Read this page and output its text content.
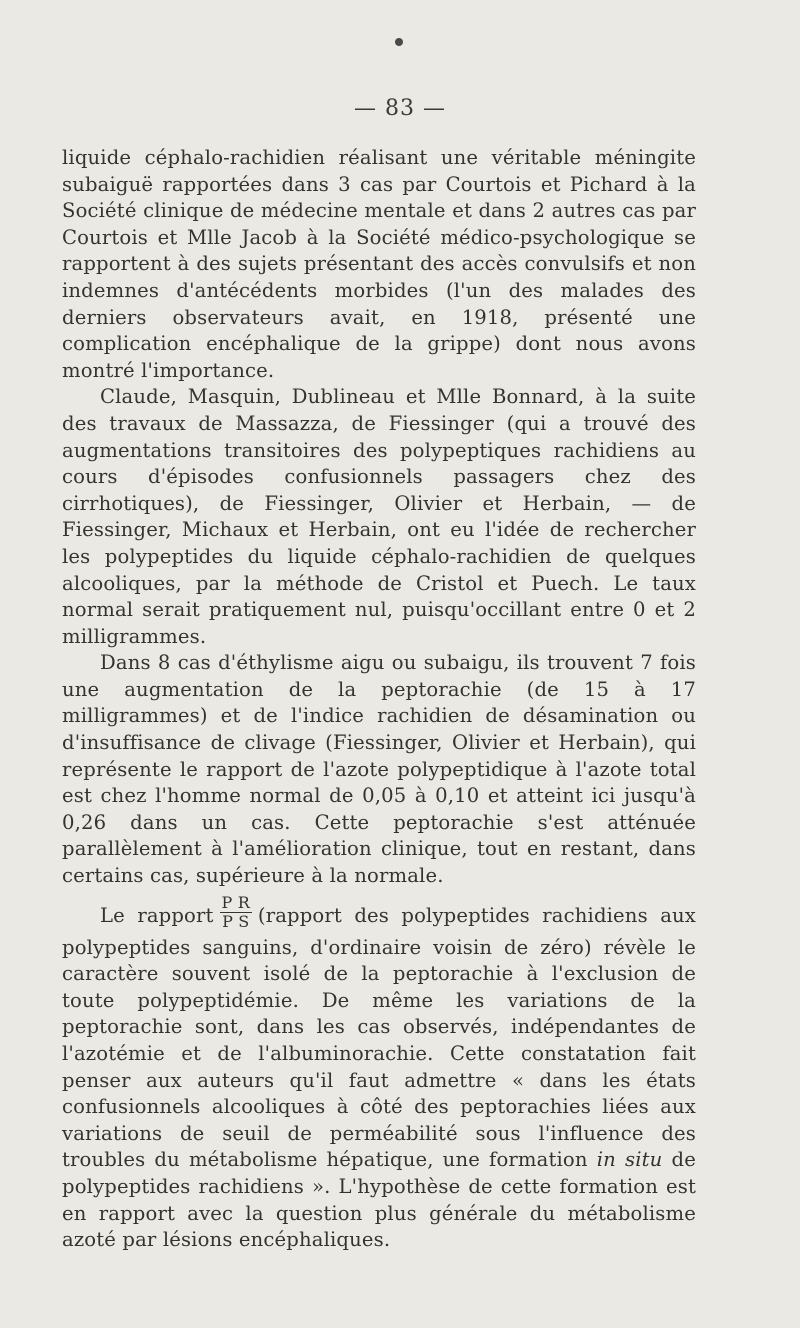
— 83 —

liquide céphalo-rachidien réalisant une véritable méningite subaiguë rapportées dans 3 cas par Courtois et Pichard à la Société clinique de médecine mentale et dans 2 autres cas par Courtois et Mlle Jacob à la Société médico-psychologique se rapportent à des sujets présentant des accès convulsifs et non indemnes d'antécédents morbides (l'un des malades des derniers observateurs avait, en 1918, présenté une complication encéphalique de la grippe) dont nous avons montré l'importance.

Claude, Masquin, Dublineau et Mlle Bonnard, à la suite des travaux de Massazza, de Fiessinger (qui a trouvé des augmentations transitoires des polypeptiques rachidiens au cours d'épisodes confusionnels passagers chez des cirrhotiques), de Fiessinger, Olivier et Herbain, — de Fiessinger, Michaux et Herbain, ont eu l'idée de rechercher les polypeptides du liquide céphalo-rachidien de quelques alcooliques, par la méthode de Cristol et Puech. Le taux normal serait pratiquement nul, puisqu'occillant entre 0 et 2 milligrammes.

Dans 8 cas d'éthylisme aigu ou subaigu, ils trouvent 7 fois une augmentation de la peptorachie (de 15 à 17 milligrammes) et de l'indice rachidien de désamination ou d'insuffisance de clivage (Fiessinger, Olivier et Herbain), qui représente le rapport de l'azote polypeptidique à l'azote total est chez l'homme normal de 0,05 à 0,10 et atteint ici jusqu'à 0,26 dans un cas. Cette peptorachie s'est atténuée parallèlement à l'amélioration clinique, tout en restant, dans certains cas, supérieure à la normale.

Le rapport $\frac{\text{P R}}{\text{P S}}$ (rapport des polypeptides rachidiens aux polypeptides sanguins, d'ordinaire voisin de zéro) révèle le caractère souvent isolé de la peptorachie à l'exclusion de toute polypeptidémie. De même les variations de la peptorachie sont, dans les cas observés, indépendantes de l'azotémie et de l'albuminorachie. Cette constatation fait penser aux auteurs qu'il faut admettre « dans les états confusionnels alcooliques à côté des peptorachies liées aux variations de seuil de perméabilité sous l'influence des troubles du métabolisme hépatique, une formation in situ de polypeptides rachidiens ». L'hypothèse de cette formation est en rapport avec la question plus générale du métabolisme azoté par lésions encéphaliques.
